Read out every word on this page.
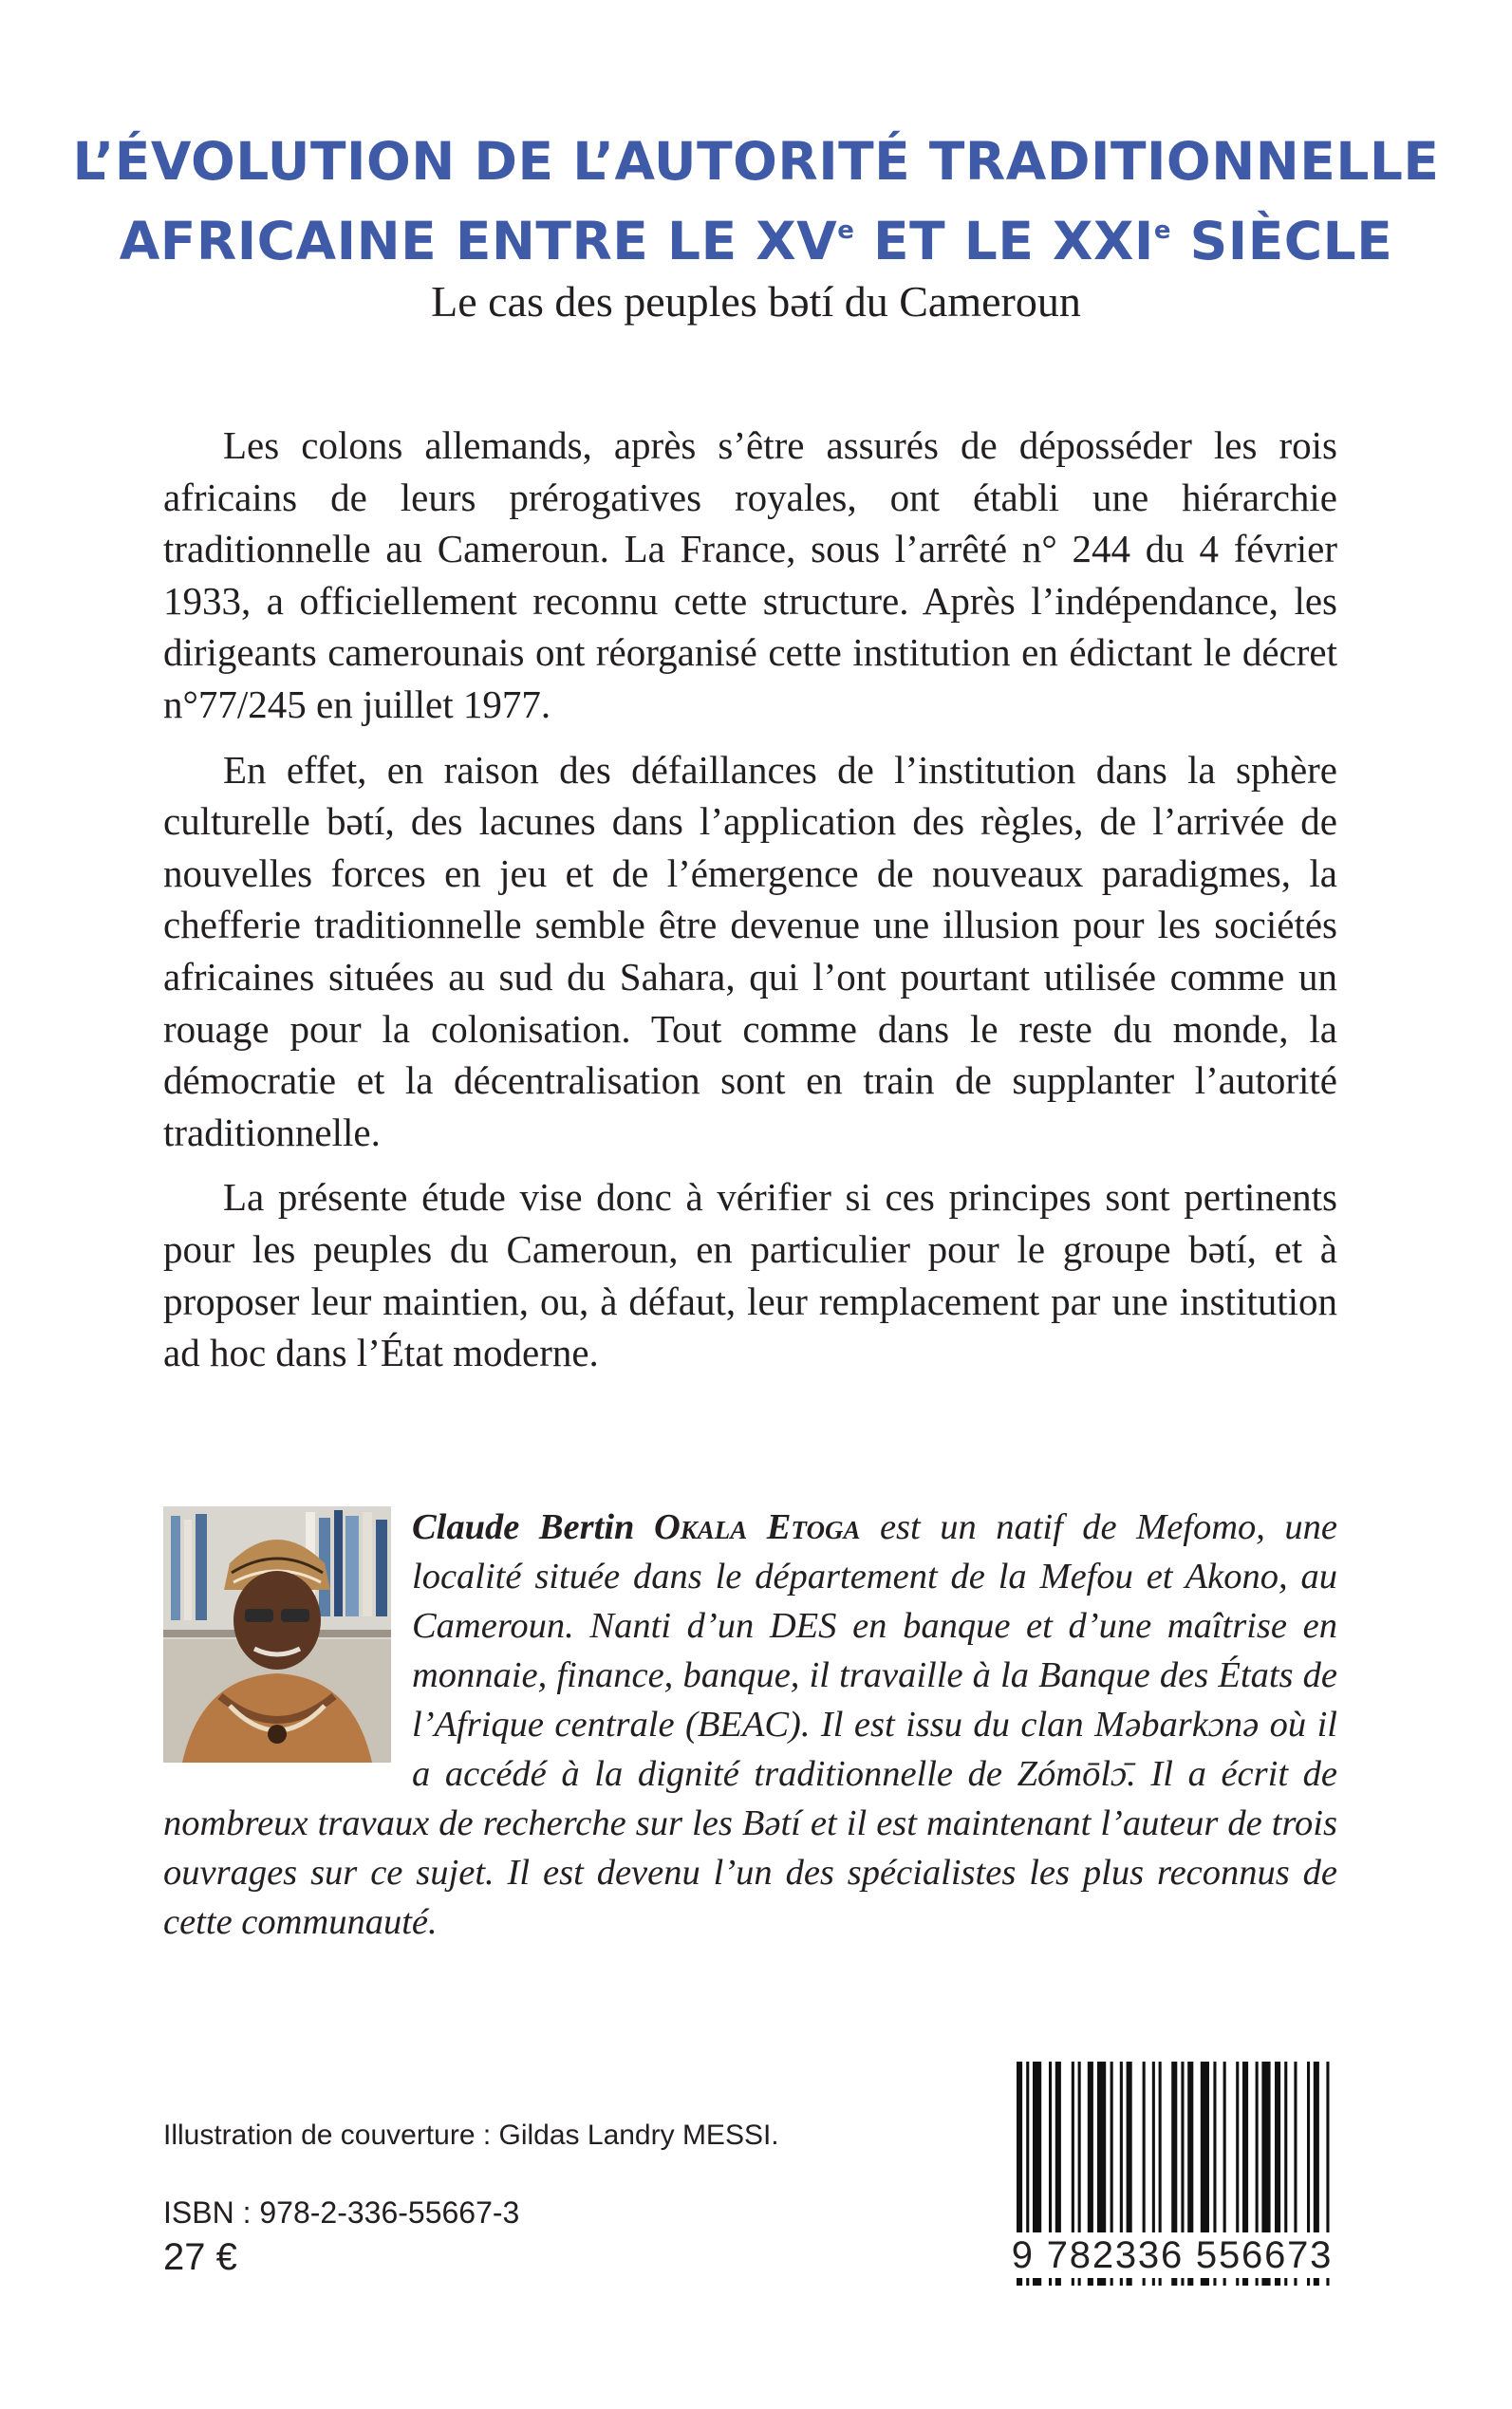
L’ÉVOLUTION DE L’AUTORITÉ TRADITIONNELLE
AFRICAINE ENTRE LE XVe ET LE XXIe SIÈCLE

Le cas des peuples bətí du Cameroun

Les colons allemands, après s’être assurés de déposséder les rois africains de leurs prérogatives royales, ont établi une hiérarchie traditionnelle au Cameroun. La France, sous l’arrêté n° 244 du 4 février 1933, a officiellement reconnu cette structure. Après l’indépendance, les dirigeants camerounais ont réorganisé cette institution en édictant le décret n°77/245 en juillet 1977.

En effet, en raison des défaillances de l’institution dans la sphère culturelle bətí, des lacunes dans l’application des règles, de l’arrivée de nouvelles forces en jeu et de l’émergence de nouveaux paradigmes, la chefferie traditionnelle semble être devenue une illusion pour les sociétés africaines situées au sud du Sahara, qui l’ont pourtant utilisée comme un rouage pour la colonisation. Tout comme dans le reste du monde, la démocratie et la décentralisation sont en train de supplanter l’autorité traditionnelle.

La présente étude vise donc à vérifier si ces principes sont pertinents pour les peuples du Cameroun, en particulier pour le groupe bətí, et à proposer leur maintien, ou, à défaut, leur remplacement par une institution ad hoc dans l’État moderne.

Claude Bertin Okala Etoga est un natif de Mefomo, une localité située dans le département de la Mefou et Akono, au Cameroun. Nanti d’un DES en banque et d’une maîtrise en monnaie, finance, banque, il travaille à la Banque des États de l’Afrique centrale (BEAC). Il est issu du clan Məbarkɔnə où il a accédé à la dignité traditionnelle de Zómōlɔ̄. Il a écrit de nombreux travaux de recherche sur les Bətí et il est maintenant l’auteur de trois ouvrages sur ce sujet. Il est devenu l’un des spécialistes les plus reconnus de cette communauté.

Illustration de couverture : Gildas Landry MESSI.

ISBN : 978-2-336-55667-3

27 €	9 782336 556673
